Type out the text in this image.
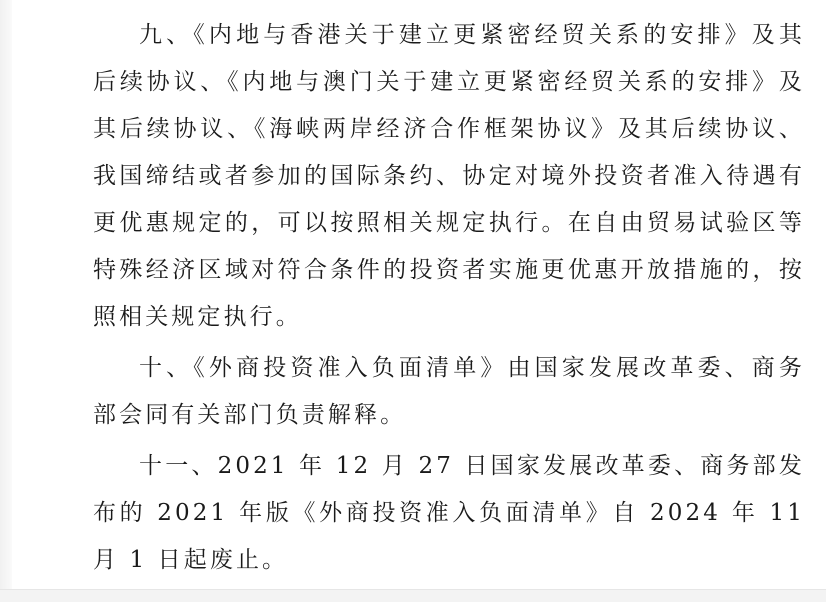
九、《内地与香港关于建立更紧密经贸关系的安排》及其后续协议、《内地与澳门关于建立更紧密经贸关系的安排》及其后续协议、《海峡两岸经济合作框架协议》及其后续协议、我国缔结或者参加的国际条约、协定对境外投资者准入待遇有更优惠规定的，可以按照相关规定执行。在自由贸易试验区等特殊经济区域对符合条件的投资者实施更优惠开放措施的，按照相关规定执行。

十、《外商投资准入负面清单》由国家发展改革委、商务部会同有关部门负责解释。

十一、2021 年 12 月 27 日国家发展改革委、商务部发布的 2021 年版《外商投资准入负面清单》自 2024 年 11 月 1 日起废止。
